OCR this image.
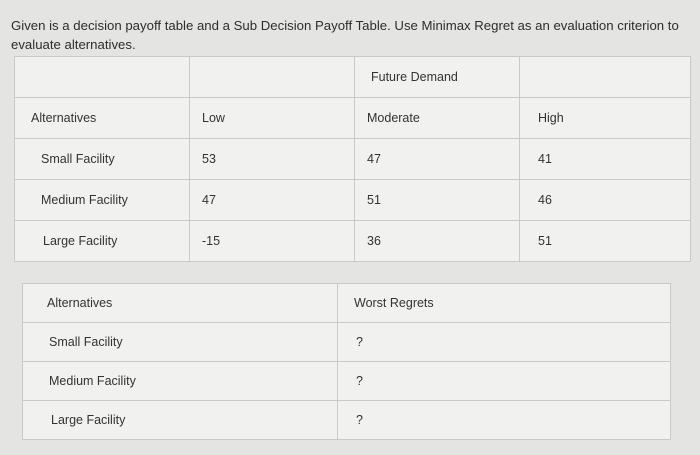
Given is a decision payoff table and a Sub Decision Payoff Table. Use Minimax Regret as an evaluation criterion to evaluate alternatives.
		Future Demand	
Alternatives	Low	Moderate	High
Small Facility	53	47	41
Medium Facility	47	51	46
Large Facility	-15	36	51
Alternatives	Worst Regrets
Small Facility	?
Medium Facility	?
Large Facility	?
